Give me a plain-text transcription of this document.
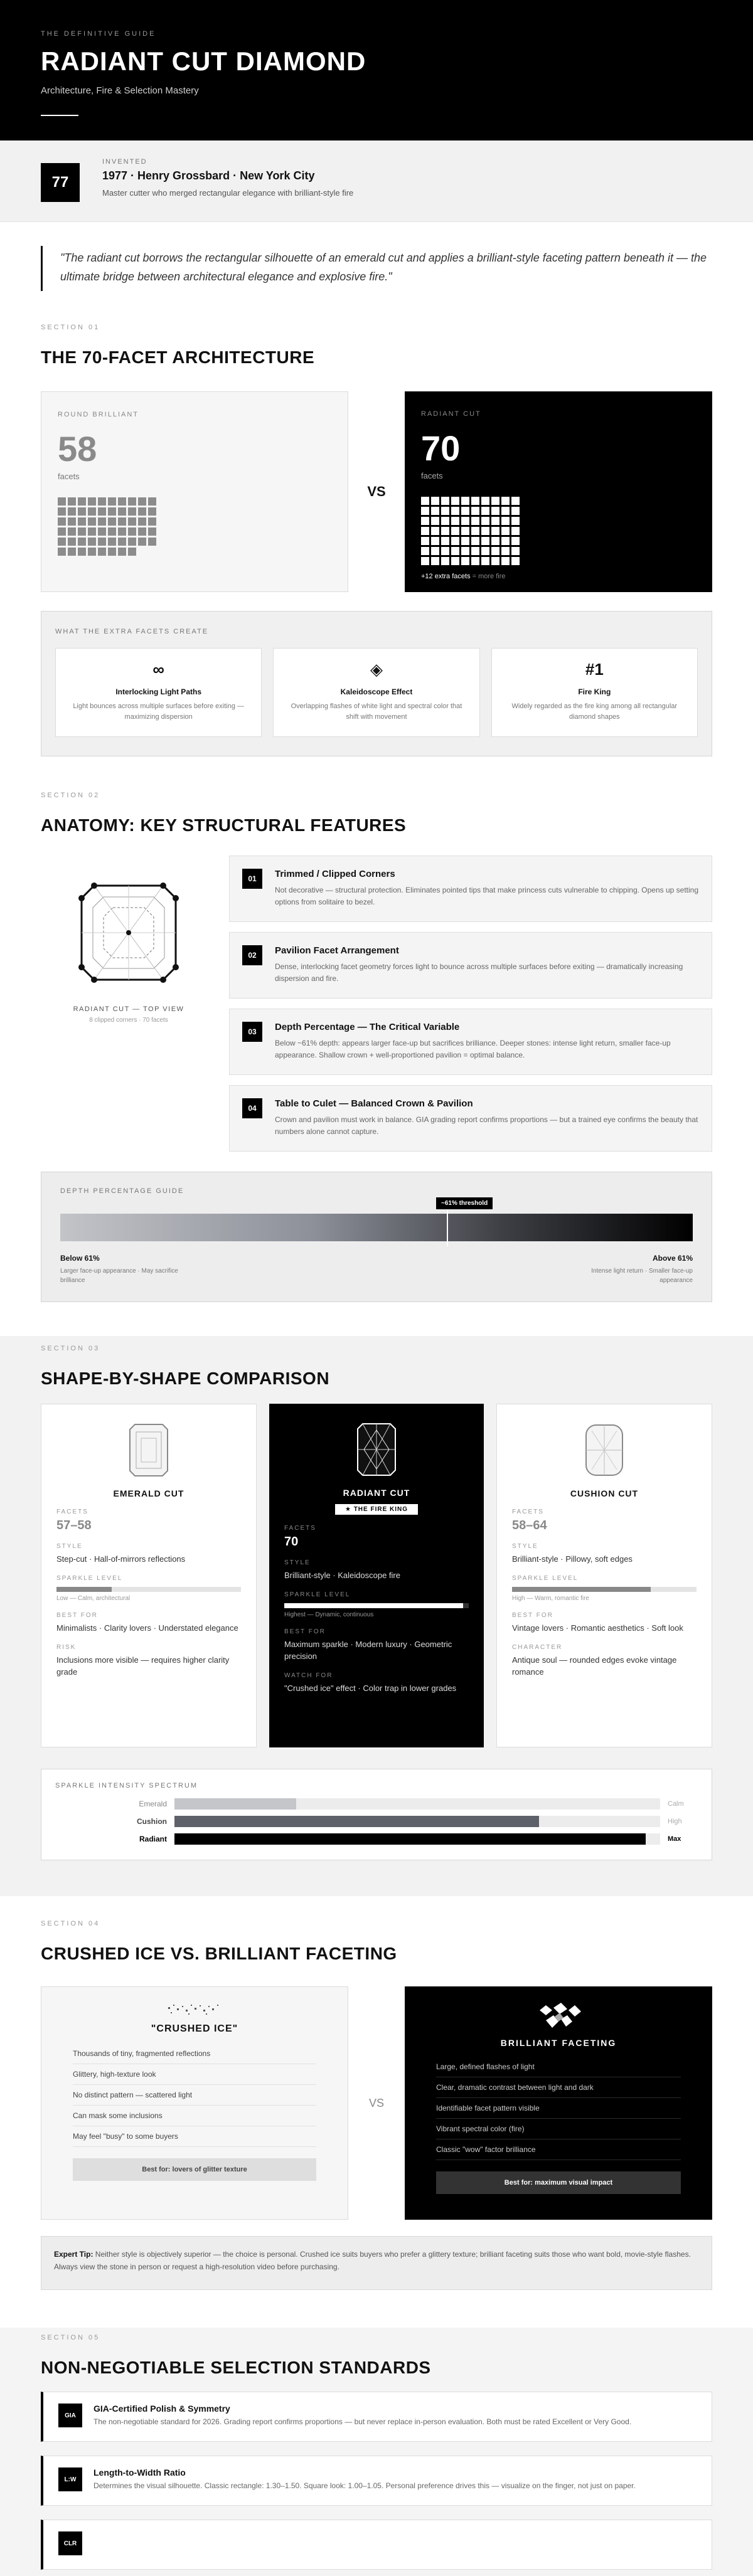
THE DEFINITIVE GUIDE
RADIANT CUT DIAMOND
Architecture, Fire & Selection Mastery
77
INVENTED
1977 · Henry Grossbard · New York City
Master cutter who merged rectangular elegance with brilliant-style fire
"The radiant cut borrows the rectangular silhouette of an emerald cut and applies a brilliant-style faceting pattern beneath it — the ultimate bridge between architectural elegance and explosive fire."
SECTION 01
THE 70-FACET ARCHITECTURE
ROUND BRILLIANT
58
facets
VS
RADIANT CUT
70
facets
+12 extra facets = more fire
WHAT THE EXTRA FACETS CREATE
∞
Interlocking Light Paths
Light bounces across multiple surfaces before exiting — maximizing dispersion
◈
Kaleidoscope Effect
Overlapping flashes of white light and spectral color that shift with movement
#1
Fire King
Widely regarded as the fire king among all rectangular diamond shapes
SECTION 02
ANATOMY: KEY STRUCTURAL FEATURES
RADIANT CUT — TOP VIEW
8 clipped corners · 70 facets
01	Trimmed / Clipped Corners
Not decorative — structural protection. Eliminates pointed tips that make princess cuts vulnerable to chipping. Opens up setting options from solitaire to bezel.
02	Pavilion Facet Arrangement
Dense, interlocking facet geometry forces light to bounce across multiple surfaces before exiting — dramatically increasing dispersion and fire.
03	Depth Percentage — The Critical Variable
Below ~61% depth: appears larger face-up but sacrifices brilliance. Deeper stones: intense light return, smaller face-up appearance. Shallow crown + well-proportioned pavilion = optimal balance.
04	Table to Culet — Balanced Crown & Pavilion
Crown and pavilion must work in balance. GIA grading report confirms proportions — but a trained eye confirms the beauty that numbers alone cannot capture.
DEPTH PERCENTAGE GUIDE
~61% threshold
Below 61%
Larger face-up appearance · May sacrifice brilliance
Above 61%
Intense light return · Smaller face-up appearance
SECTION 03
SHAPE-BY-SHAPE COMPARISON
EMERALD CUT
FACETS
57–58
STYLE
Step-cut · Hall-of-mirrors reflections
SPARKLE LEVEL
Low — Calm, architectural
BEST FOR
Minimalists · Clarity lovers · Understated elegance
RISK
Inclusions more visible — requires higher clarity grade
RADIANT CUT
★ THE FIRE KING
FACETS
70
STYLE
Brilliant-style · Kaleidoscope fire
SPARKLE LEVEL
Highest — Dynamic, continuous
BEST FOR
Maximum sparkle · Modern luxury · Geometric precision
WATCH FOR
"Crushed ice" effect · Color trap in lower grades
CUSHION CUT
FACETS
58–64
STYLE
Brilliant-style · Pillowy, soft edges
SPARKLE LEVEL
High — Warm, romantic fire
BEST FOR
Vintage lovers · Romantic aesthetics · Soft look
CHARACTER
Antique soul — rounded edges evoke vintage romance
SPARKLE INTENSITY SPECTRUM
Emerald	Calm
Cushion	High
Radiant	Max
SECTION 04
CRUSHED ICE VS. BRILLIANT FACETING
"CRUSHED ICE"
Thousands of tiny, fragmented reflections
Glittery, high-texture look
No distinct pattern — scattered light
Can mask some inclusions
May feel "busy" to some buyers
Best for: lovers of glitter texture
VS
BRILLIANT FACETING
Large, defined flashes of light
Clear, dramatic contrast between light and dark
Identifiable facet pattern visible
Vibrant spectral color (fire)
Classic "wow" factor brilliance
Best for: maximum visual impact
Expert Tip: Neither style is objectively superior — the choice is personal. Crushed ice suits buyers who prefer a glittery texture; brilliant faceting suits those who want bold, movie-style flashes. Always view the stone in person or request a high-resolution video before purchasing.
SECTION 05
NON-NEGOTIABLE SELECTION STANDARDS
GIA
GIA-Certified Polish & Symmetry
The non-negotiable standard for 2026. Grading report confirms proportions — but never replace in-person evaluation. Both must be rated Excellent or Very Good.
L:W
Length-to-Width Ratio
Determines the visual silhouette. Classic rectangle: 1.30–1.50. Square look: 1.00–1.05. Personal preference drives this — visualize on the finger, not just on paper.
CLR
